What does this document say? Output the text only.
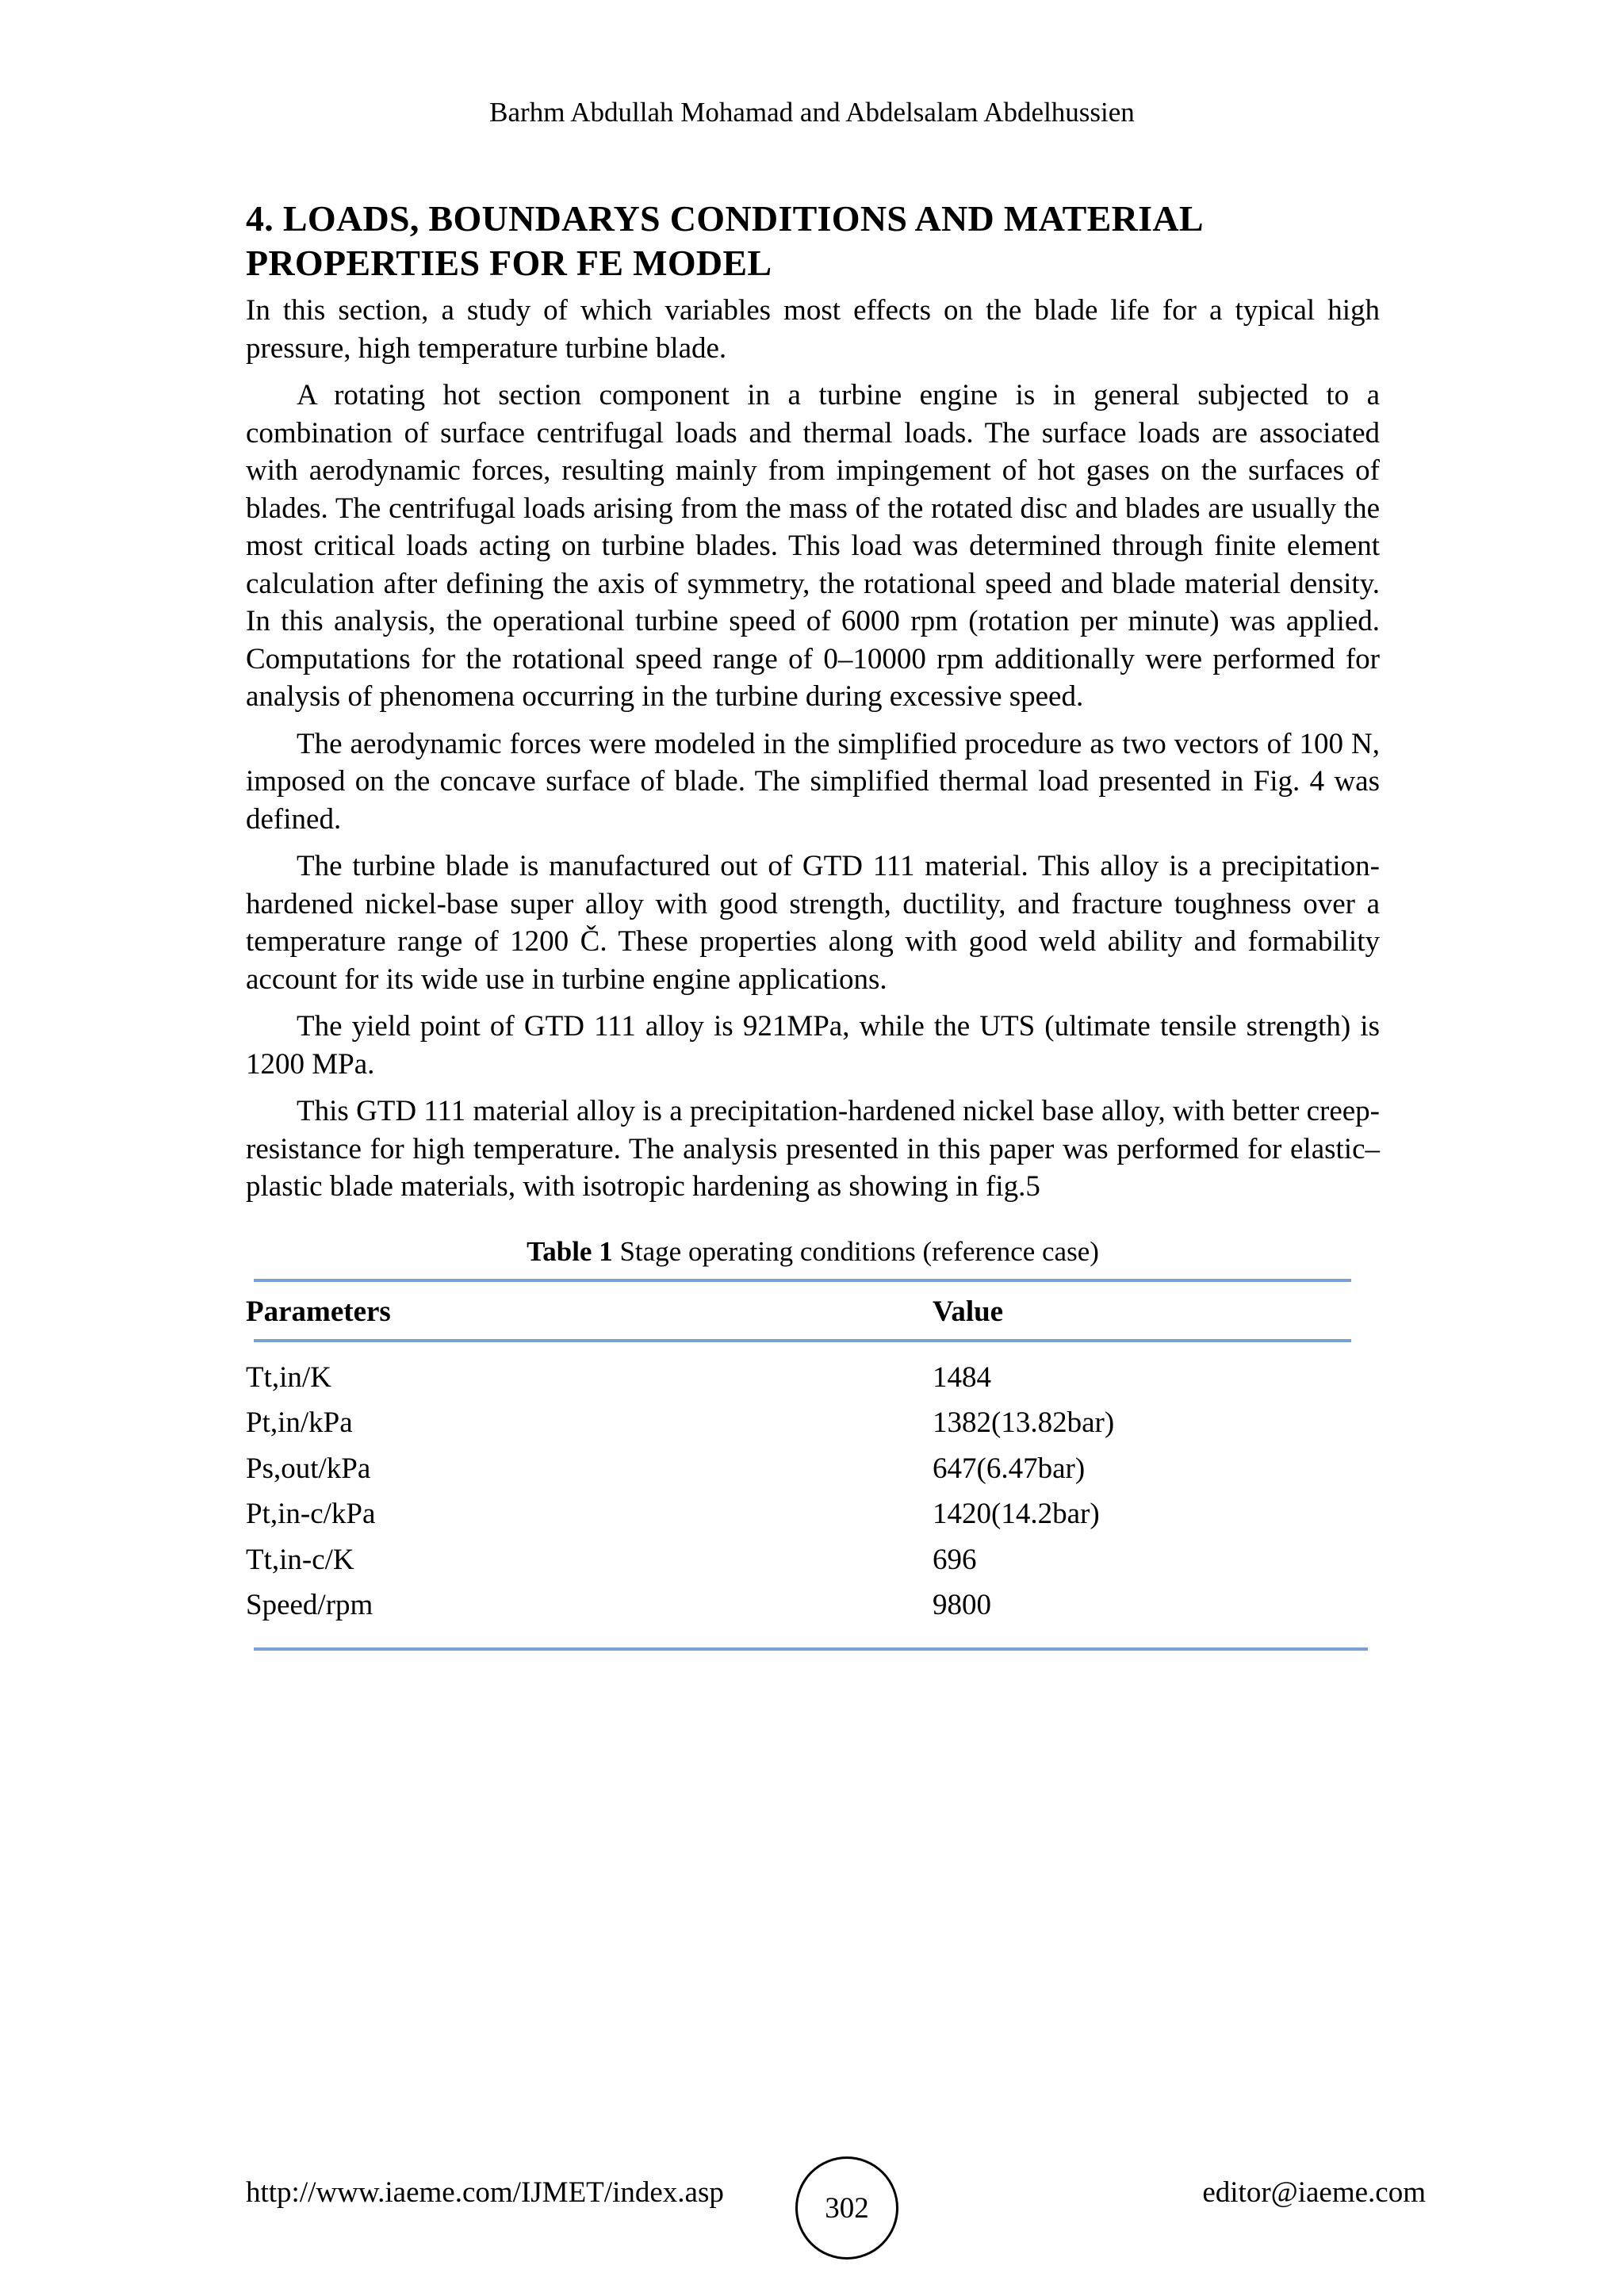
Barhm Abdullah Mohamad and Abdelsalam Abdelhussien
4. LOADS, BOUNDARYS CONDITIONS AND MATERIAL
PROPERTIES FOR FE MODEL

In this section, a study of which variables most effects on the blade life for a typical high pressure, high temperature turbine blade.

A rotating hot section component in a turbine engine is in general subjected to a combination of surface centrifugal loads and thermal loads. The surface loads are associated with aerodynamic forces, resulting mainly from impingement of hot gases on the surfaces of blades. The centrifugal loads arising from the mass of the rotated disc and blades are usually the most critical loads acting on turbine blades. This load was determined through finite element calculation after defining the axis of symmetry, the rotational speed and blade material density. In this analysis, the operational turbine speed of 6000 rpm (rotation per minute) was applied. Computations for the rotational speed range of 0–10000 rpm additionally were performed for analysis of phenomena occurring in the turbine during excessive speed.

The aerodynamic forces were modeled in the simplified procedure as two vectors of 100 N, imposed on the concave surface of blade. The simplified thermal load presented in Fig. 4 was defined.

The turbine blade is manufactured out of GTD 111 material. This alloy is a precipitation-hardened nickel-base super alloy with good strength, ductility, and fracture toughness over a temperature range of 1200 Č. These properties along with good weld ability and formability account for its wide use in turbine engine applications.

The yield point of GTD 111 alloy is 921MPa, while the UTS (ultimate tensile strength) is 1200 MPa.

This GTD 111 material alloy is a precipitation-hardened nickel base alloy, with better creep-resistance for high temperature. The analysis presented in this paper was performed for elastic–plastic blade materials, with isotropic hardening as showing in fig.5

Table 1 Stage operating conditions (reference case)
Parameters	Value
Tt,in/K	1484
Pt,in/kPa	1382(13.82bar)
Ps,out/kPa	647(6.47bar)
Pt,in-c/kPa	1420(14.2bar)
Tt,in-c/K	696
Speed/rpm	9800
http://www.iaeme.com/IJMET/index.asp	302	editor@iaeme.com
